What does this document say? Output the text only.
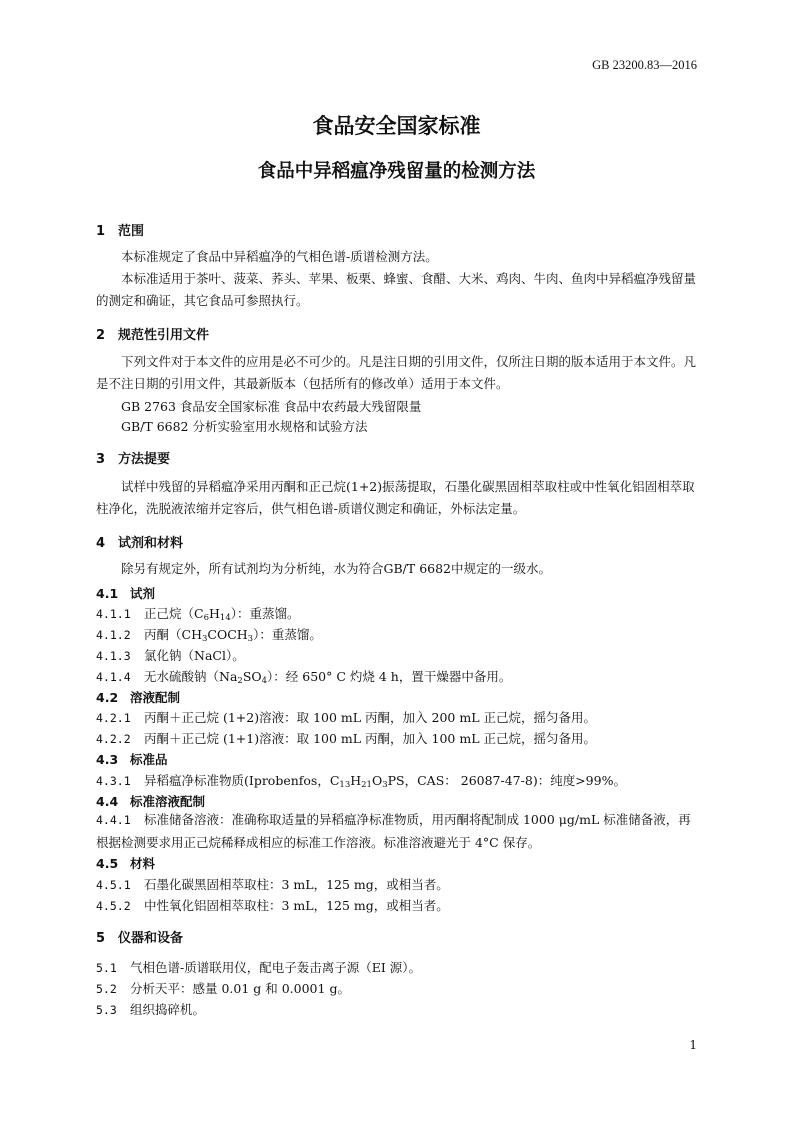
GB 23200.83—2016
食品安全国家标准
食品中异稻瘟净残留量的检测方法
1 范围
本标准规定了食品中异稻瘟净的气相色谱-质谱检测方法。
本标准适用于茶叶、菠菜、荞头、苹果、板栗、蜂蜜、食醋、大米、鸡肉、牛肉、鱼肉中异稻瘟净残留量的测定和确证，其它食品可参照执行。
2 规范性引用文件
下列文件对于本文件的应用是必不可少的。凡是注日期的引用文件，仅所注日期的版本适用于本文件。凡是不注日期的引用文件，其最新版本（包括所有的修改单）适用于本文件。
GB 2763 食品安全国家标准 食品中农药最大残留限量
GB/T 6682 分析实验室用水规格和试验方法
3 方法提要
试样中残留的异稻瘟净采用丙酮和正己烷(1+2)振荡提取，石墨化碳黑固相萃取柱或中性氧化铝固相萃取柱净化，洗脱液浓缩并定容后，供气相色谱-质谱仪测定和确证，外标法定量。
4 试剂和材料
除另有规定外，所有试剂均为分析纯，水为符合GB/T 6682中规定的一级水。
4.1 试剂
4.1.1 正己烷$(C_6H_{14})$：重蒸馏。
4.1.2 丙酮$(CH_3COCH_3)$：重蒸馏。
4.1.3 氯化钠（NaCl）。
4.1.4 无水硫酸钠$(Na_2SO_4)$：经 650° C 灼烧 4 h，置干燥器中备用。
4.2 溶液配制
4.2.1 丙酮＋正己烷 (1+2)溶液：取 100 mL 丙酮，加入 200 mL 正己烷，摇匀备用。
4.2.2 丙酮＋正己烷 (1+1)溶液：取 100 mL 丙酮，加入 100 mL 正己烷，摇匀备用。
4.3 标准品
4.3.1 异稻瘟净标准物质(Iprobenfos，$C_{13}H_{21}O_3PS$，CAS： 26087-47-8)：纯度>99%。
4.4 标准溶液配制
4.4.1 标准储备溶液：准确称取适量的异稻瘟净标准物质，用丙酮将配制成 1000 μg/mL 标准储备液，再根据检测要求用正己烷稀释成相应的标准工作溶液。标准溶液避光于 4°C 保存。
4.5 材料
4.5.1 石墨化碳黑固相萃取柱：3 mL，125 mg，或相当者。
4.5.2 中性氧化铝固相萃取柱：3 mL，125 mg，或相当者。
5 仪器和设备
5.1 气相色谱-质谱联用仪，配电子轰击离子源（EI 源）。
5.2 分析天平：感量 0.01 g 和 0.0001 g。
5.3 组织捣碎机。
1
